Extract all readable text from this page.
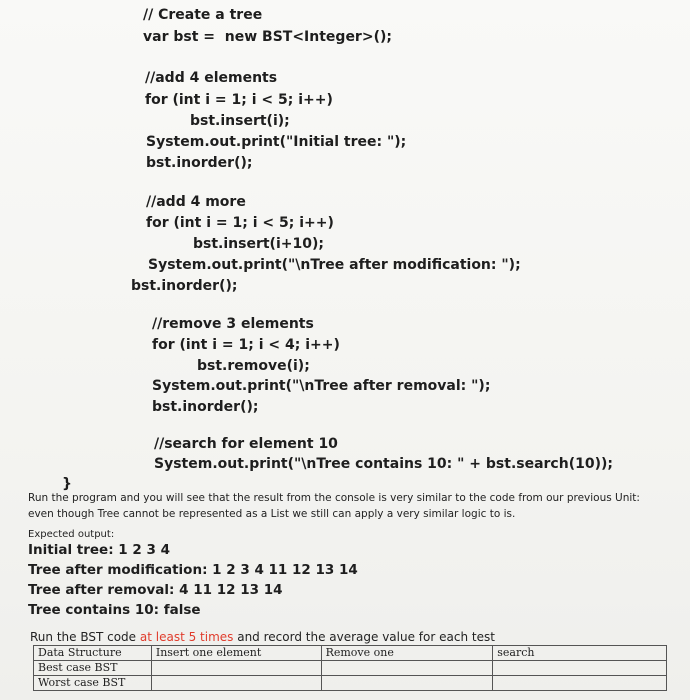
// Create a tree
var bst =  new BST<Integer>();
//add 4 elements
for (int i = 1; i < 5; i++)
bst.insert(i);
System.out.print("Initial tree: ");
bst.inorder();
//add 4 more
for (int i = 1; i < 5; i++)
bst.insert(i+10);
System.out.print("\nTree after modification: ");
bst.inorder();
//remove 3 elements
for (int i = 1; i < 4; i++)
bst.remove(i);
System.out.print("\nTree after removal: ");
bst.inorder();
//search for element 10
System.out.print("\nTree contains 10: " + bst.search(10));
}
Run the program and you will see that the result from the console is very similar to the code from our previous Unit: even though Tree cannot be represented as a List we still can apply a very similar logic to is.
Expected output:
Initial tree: 1 2 3 4
Tree after modification: 1 2 3 4 11 12 13 14
Tree after removal: 4 11 12 13 14
Tree contains 10: false
Run the BST code at least 5 times and record the average value for each test
Data Structure	Insert one element	Remove one	search
Best case BST			
Worst case BST			
